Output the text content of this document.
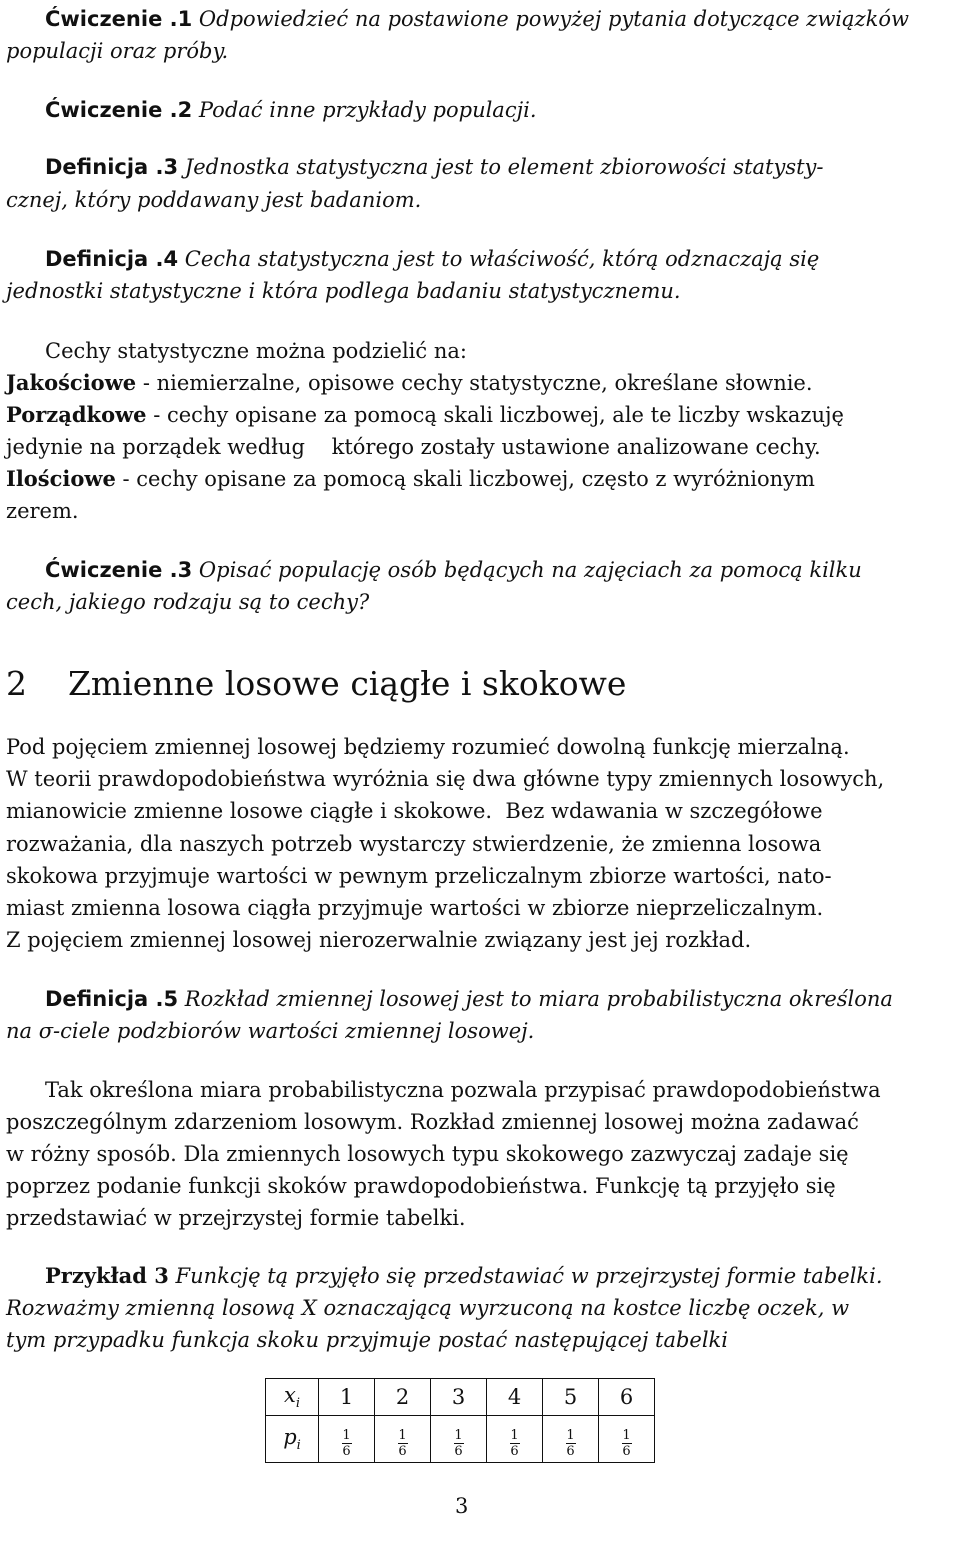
Ćwiczenie .1 Odpowiedzieć na postawione powyżej pytania dotyczące związków
populacji oraz próby.
Ćwiczenie .2 Podać inne przykłady populacji.
Definicja .3 Jednostka statystyczna jest to element zbiorowości statysty-
cznej, który poddawany jest badaniom.
Definicja .4 Cecha statystyczna jest to właściwość, którą odznaczają się
jednostki statystyczne i która podlega badaniu statystycznemu.
Cechy statystyczne można podzielić na:
Jakościowe - niemierzalne, opisowe cechy statystyczne, określane słownie.
Porządkowe - cechy opisane za pomocą skali liczbowej, ale te liczby wskazuję
jedynie na porządek według    którego zostały ustawione analizowane cechy.
Ilościowe - cechy opisane za pomocą skali liczbowej, często z wyróżnionym
zerem.
Ćwiczenie .3 Opisać populację osób będących na zajęciach za pomocą kilku
cech, jakiego rodzaju są to cechy?
2 Zmienne losowe ciągłe i skokowe
Pod pojęciem zmiennej losowej będziemy rozumieć dowolną funkcję mierzalną.
W teorii prawdopodobieństwa wyróżnia się dwa główne typy zmiennych losowych,
mianowicie zmienne losowe ciągłe i skokowe.  Bez wdawania w szczegółowe
rozważania, dla naszych potrzeb wystarczy stwierdzenie, że zmienna losowa
skokowa przyjmuje wartości w pewnym przeliczalnym zbiorze wartości, nato-
miast zmienna losowa ciągła przyjmuje wartości w zbiorze nieprzeliczalnym.
Z pojęciem zmiennej losowej nierozerwalnie związany jest jej rozkład.
Definicja .5 Rozkład zmiennej losowej jest to miara probabilistyczna określona
na σ-ciele podzbiorów wartości zmiennej losowej.
Tak określona miara probabilistyczna pozwala przypisać prawdopodobieństwa
poszczególnym zdarzeniom losowym. Rozkład zmiennej losowej można zadawać
w różny sposób. Dla zmiennych losowych typu skokowego zazwyczaj zadaje się
poprzez podanie funkcji skoków prawdopodobieństwa. Funkcję tą przyjęło się
przedstawiać w przejrzystej formie tabelki.
Przykład 3 Funkcję tą przyjęło się przedstawiać w przejrzystej formie tabelki.
Rozważmy zmienną losową X oznaczającą wyrzuconą na kostce liczbę oczek, w
tym przypadku funkcja skoku przyjmuje postać następującej tabelki
$x_i$	1	2	3	4	5	6
$p_i$	$\frac{1}{6}$	$\frac{1}{6}$	$\frac{1}{6}$	$\frac{1}{6}$	$\frac{1}{6}$	$\frac{1}{6}$
3
